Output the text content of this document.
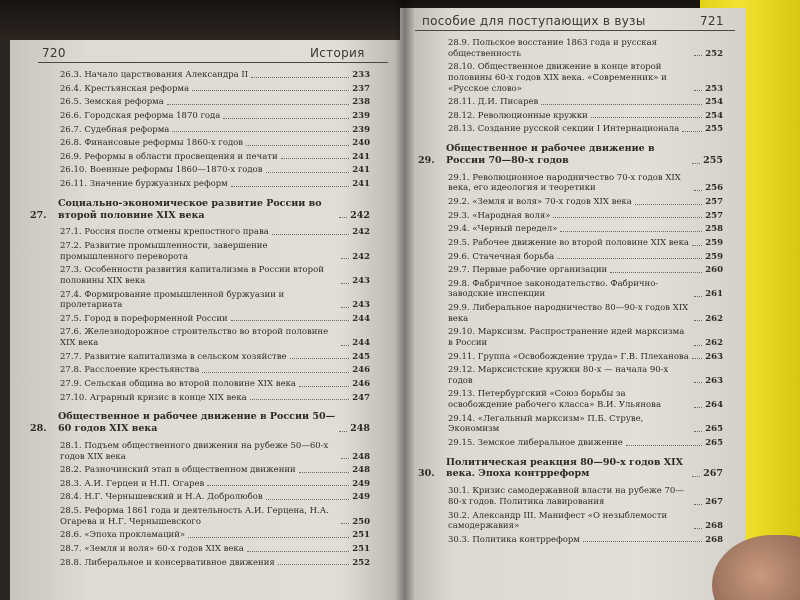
720	История
26.3. Начало царствования Александра II	233
26.4. Крестьянская реформа	237
26.5. Земская реформа	238
26.6. Городская реформа 1870 года	239
26.7. Судебная реформа	239
26.8. Финансовые реформы 1860-х годов	240
26.9. Реформы в области просвещения и печати	241
26.10. Военные реформы 1860—1870-х годов	241
26.11. Значение буржуазных реформ	241
27.
Социально-экономическое развитие России во второй половине XIX века	242
27.1. Россия после отмены крепостного права	242
27.2. Развитие промышленности, завершение промышленного переворота	242
27.3. Особенности развития капитализма в России второй половины XIX века	243
27.4. Формирование промышленной буржуазии и пролетариата	243
27.5. Город в пореформенной России	244
27.6. Железнодорожное строительство во второй половине XIX века	244
27.7. Развитие капитализма в сельском хозяйстве	245
27.8. Расслоение крестьянства	246
27.9. Сельская община во второй половине XIX века	246
27.10. Аграрный кризис в конце XIX века	247
28.
Общественное и рабочее движение в России 50—60 годов XIX века	248
28.1. Подъем общественного движения на рубеже 50—60-х годов XIX века	248
28.2. Разночинский этап в общественном движении	248
28.3. А.И. Герцен и Н.П. Огарев	249
28.4. Н.Г. Чернышевский и Н.А. Добролюбов	249
28.5. Реформа 1861 года и деятельность А.И. Герцена, Н.А. Огарева и Н.Г. Чернышевского	250
28.6. «Эпоха прокламаций»	251
28.7. «Земля и воля» 60-х годов XIX века	251
28.8. Либеральное и консервативное движения	252
пособие для поступающих в вузы	721
28.9. Польское восстание 1863 года и русская общественность	252
28.10. Общественное движение в конце второй половины 60-х годов XIX века. «Современник» и «Русское слово»	253
28.11. Д.И. Писарев	254
28.12. Революционные кружки	254
28.13. Создание русской секции I Интернационала	255
29.
Общественное и рабочее движение в России 70—80-х годов	255
29.1. Революционное народничество 70-х годов XIX века, его идеология и теоретики	256
29.2. «Земля и воля» 70-х годов XIX века	257
29.3. «Народная воля»	257
29.4. «Черный передел»	258
29.5. Рабочее движение во второй половине XIX века 259
29.6. Стачечная борьба	259
29.7. Первые рабочие организации	260
29.8. Фабричное законодательство. Фабрично-заводские инспекции	261
29.9. Либеральное народничество 80—90-х годов XIX века	262
29.10. Марксизм. Распространение идей марксизма в России	262
29.11. Группа «Освобождение труда» Г.В. Плеханова 263
29.12. Марксистские кружки 80-х — начала 90-х годов	263
29.13. Петербургский «Союз борьбы за освобождение рабочего класса» В.И. Ульянова	264
29.14. «Легальный марксизм» П.Б. Струве, Экономизм	265
29.15. Земское либеральное движение	265
30.
Политическая реакция 80—90-х годов XIX века. Эпоха контрреформ	267
30.1. Кризис самодержавной власти на рубеже 70—80-х годов. Политика лавирования	267
30.2. Александр III. Манифест «О незыблемости самодержавия»	268
30.3. Политика контрреформ	268
